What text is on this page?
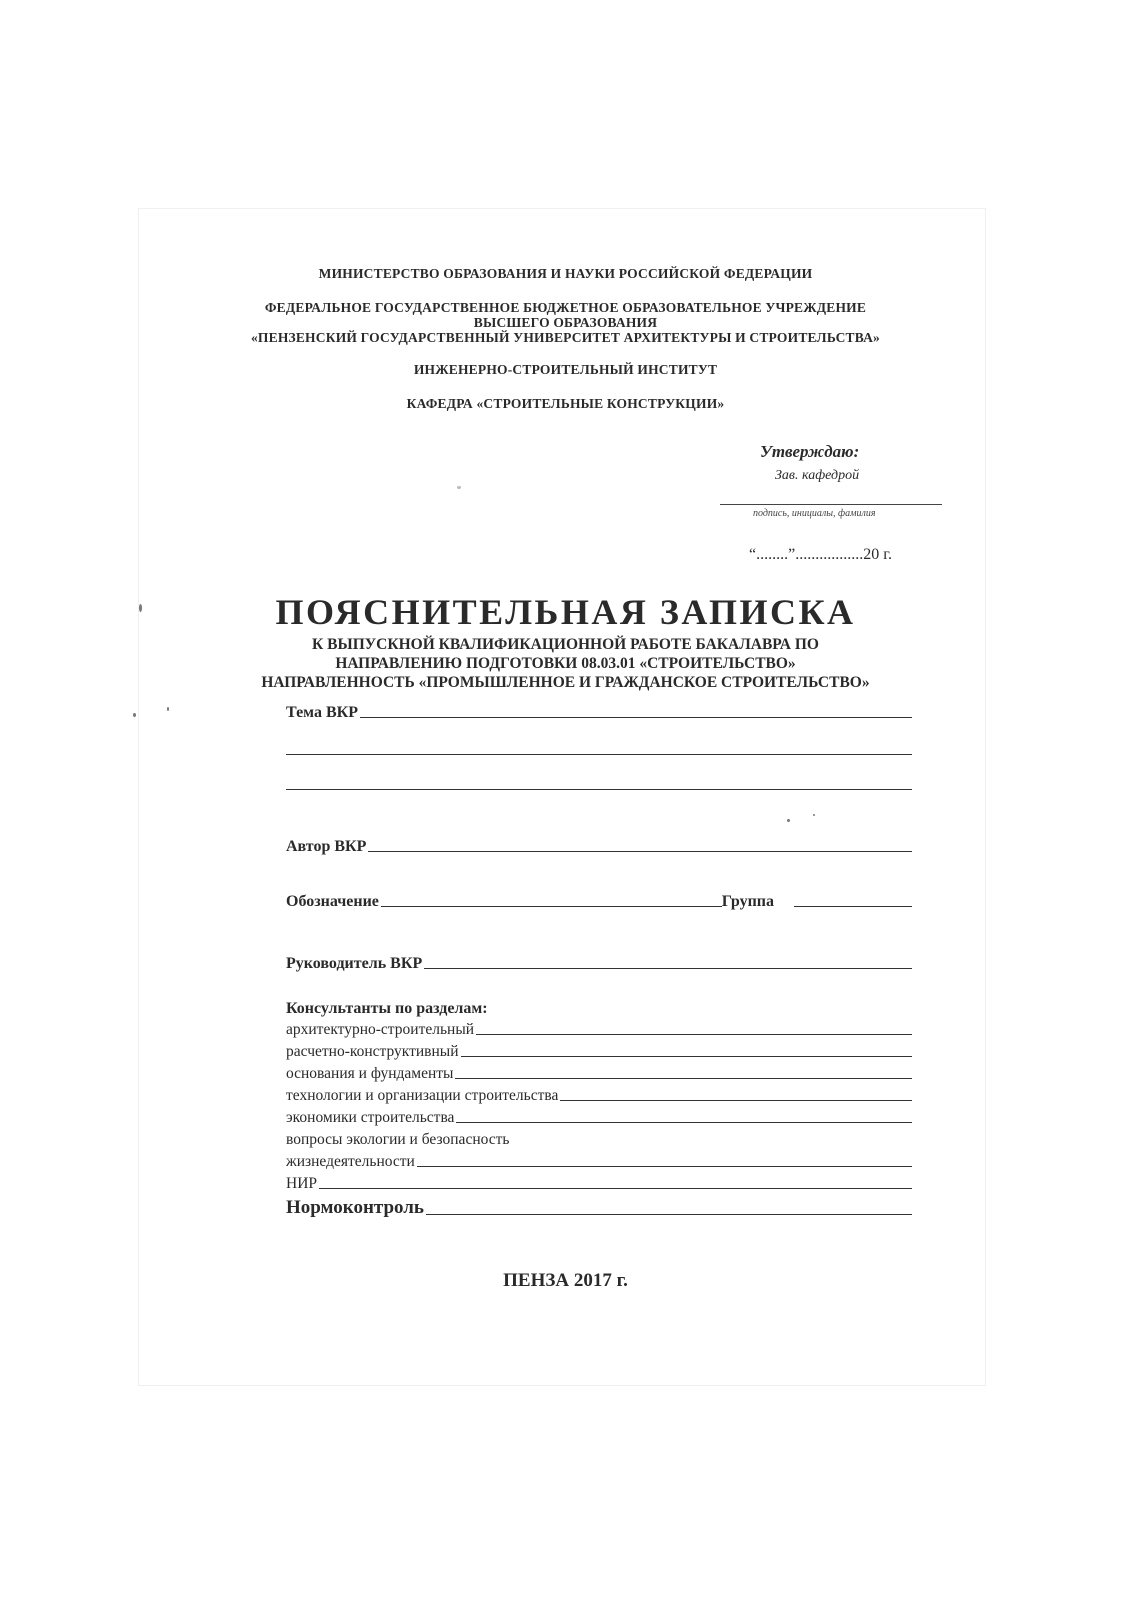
МИНИСТЕРСТВО ОБРАЗОВАНИЯ И НАУКИ РОССИЙСКОЙ ФЕДЕРАЦИИ
ФЕДЕРАЛЬНОЕ ГОСУДАРСТВЕННОЕ БЮДЖЕТНОЕ ОБРАЗОВАТЕЛЬНОЕ УЧРЕЖДЕНИЕ
ВЫСШЕГО ОБРАЗОВАНИЯ
«ПЕНЗЕНСКИЙ ГОСУДАРСТВЕННЫЙ УНИВЕРСИТЕТ АРХИТЕКТУРЫ И СТРОИТЕЛЬСТВА»
ИНЖЕНЕРНО-СТРОИТЕЛЬНЫЙ ИНСТИТУТ
КАФЕДРА «СТРОИТЕЛЬНЫЕ КОНСТРУКЦИИ»
Утверждаю:
Зав. кафедрой
подпись, инициалы, фамилия
“........”.................20 г.
ПОЯСНИТЕЛЬНАЯ ЗАПИСКА
К ВЫПУСКНОЙ КВАЛИФИКАЦИОННОЙ РАБОТЕ БАКАЛАВРА ПО
НАПРАВЛЕНИЮ ПОДГОТОВКИ 08.03.01 «СТРОИТЕЛЬСТВО»
НАПРАВЛЕННОСТЬ «ПРОМЫШЛЕННОЕ И ГРАЖДАНСКОЕ СТРОИТЕЛЬСТВО»
Тема ВКР
Автор ВКР
Обозначение	Группа
Руководитель ВКР
Консультанты по разделам:
архитектурно-строительный
расчетно-конструктивный
основания и фундаменты
технологии и организации строительства
экономики строительства
вопросы экологии и безопасность
жизнедеятельности
НИР
Нормоконтроль
ПЕНЗА 2017 г.
